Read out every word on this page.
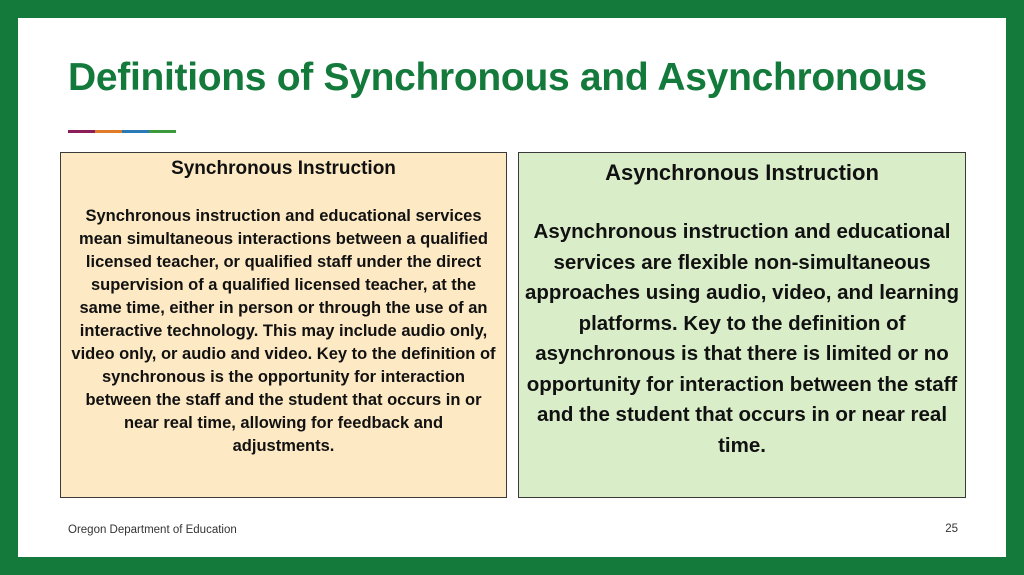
Definitions of Synchronous and Asynchronous

Synchronous Instruction

Synchronous instruction and educational services mean simultaneous interactions between a qualified licensed teacher, or qualified staff under the direct supervision of a qualified licensed teacher, at the same time, either in person or through the use of an interactive technology. This may include audio only, video only, or audio and video. Key to the definition of synchronous is the opportunity for interaction between the staff and the student that occurs in or near real time, allowing for feedback and adjustments.

Asynchronous Instruction

Asynchronous instruction and educational services are flexible non-simultaneous approaches using audio, video, and learning platforms. Key to the definition of asynchronous is that there is limited or no opportunity for interaction between the staff and the student that occurs in or near real time.

Oregon Department of Education	25
